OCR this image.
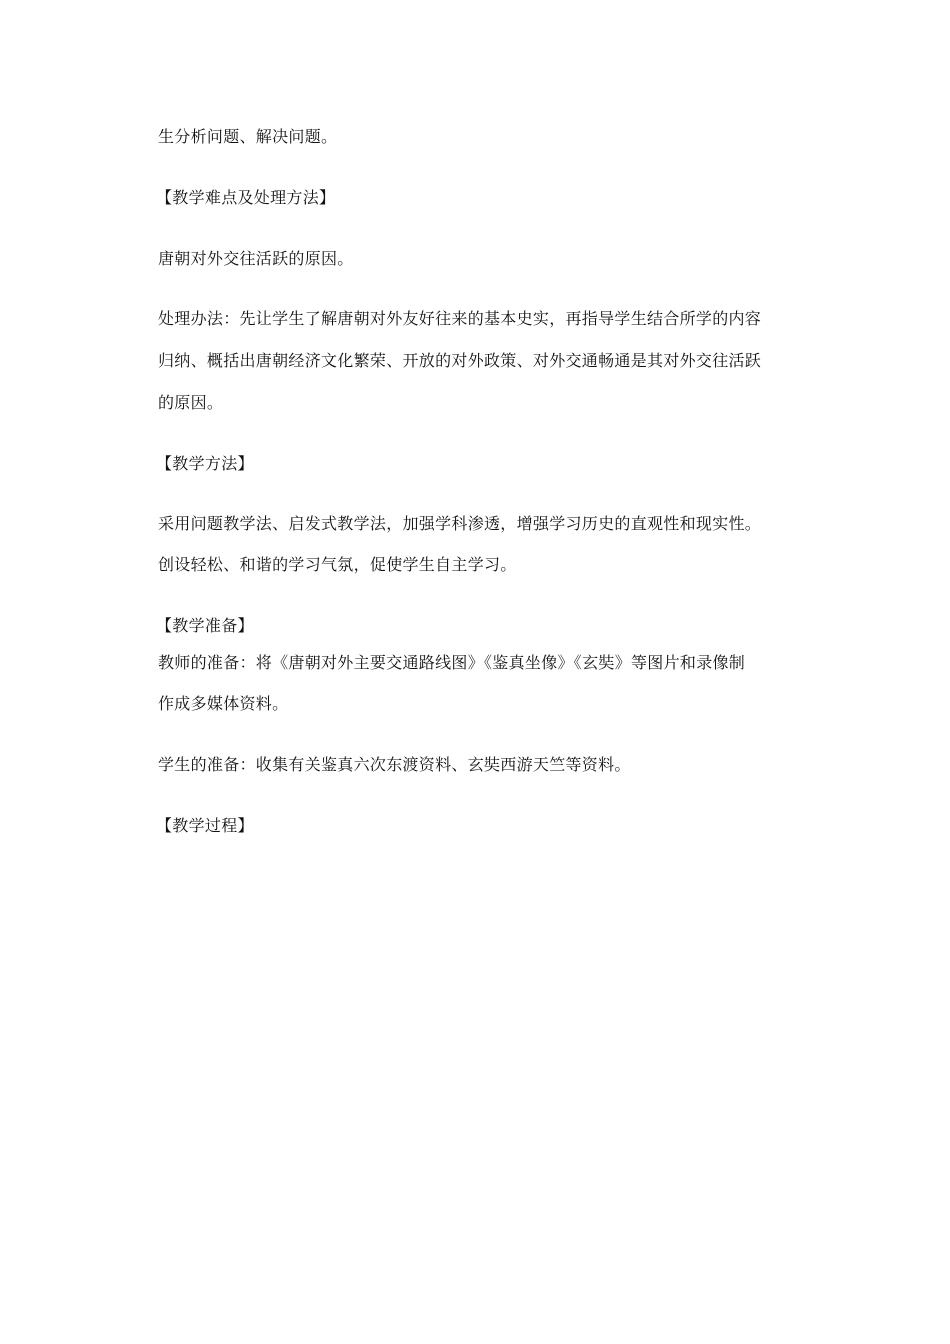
生分析问题、解决问题。
【教学难点及处理方法】
唐朝对外交往活跃的原因。
处理办法：先让学生了解唐朝对外友好往来的基本史实，再指导学生结合所学的内容
归纳、概括出唐朝经济文化繁荣、开放的对外政策、对外交通畅通是其对外交往活跃
的原因。
【教学方法】
采用问题教学法、启发式教学法，加强学科渗透，增强学习历史的直观性和现实性。
创设轻松、和谐的学习气氛，促使学生自主学习。
【教学准备】
教师的准备：将《唐朝对外主要交通路线图》《鉴真坐像》《玄奘》等图片和录像制
作成多媒体资料。
学生的准备：收集有关鉴真六次东渡资料、玄奘西游天竺等资料。
【教学过程】
